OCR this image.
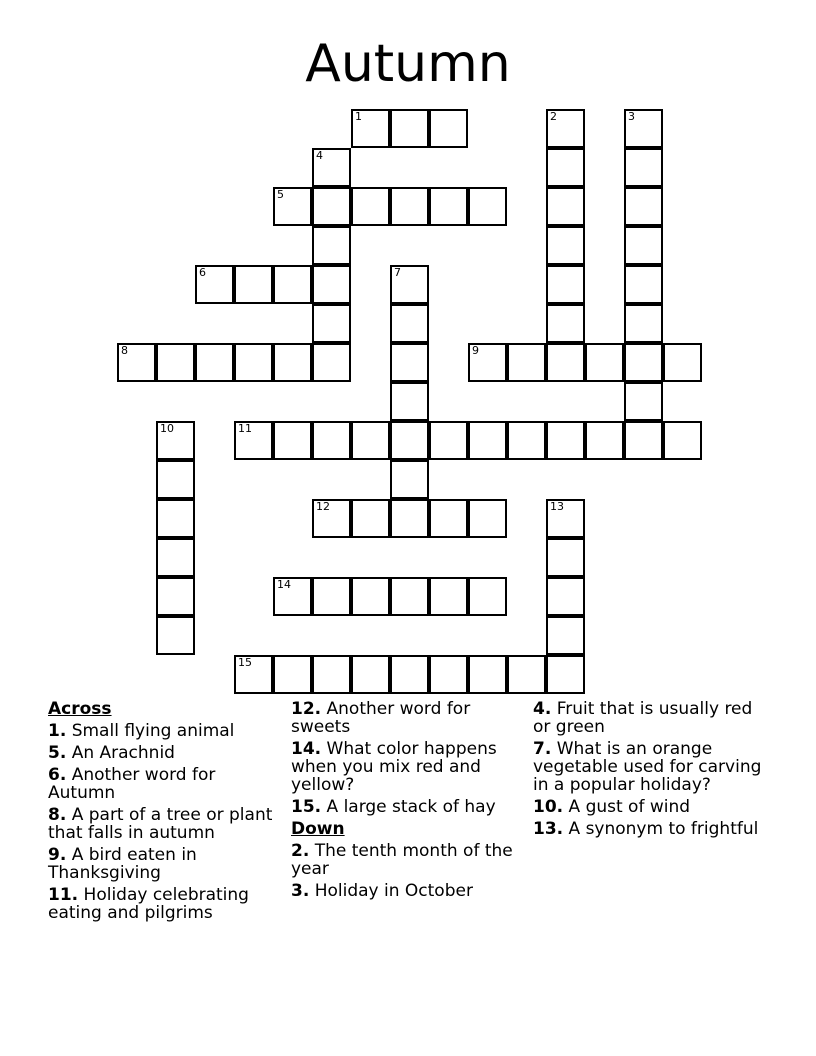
Autumn
1	2	3
4
5
6	7
8	9
10	11
12	13
14
15
Across
1. Small flying animal
5. An Arachnid
6. Another word for Autumn
8. A part of a tree or plant that falls in autumn
9. A bird eaten in Thanksgiving
11. Holiday celebrating eating and pilgrims
12. Another word for sweets
14. What color happens when you mix red and yellow?
15. A large stack of hay
Down
2. The tenth month of the year
3. Holiday in October
4. Fruit that is usually red or green
7. What is an orange vegetable used for carving in a popular holiday?
10. A gust of wind
13. A synonym to frightful
